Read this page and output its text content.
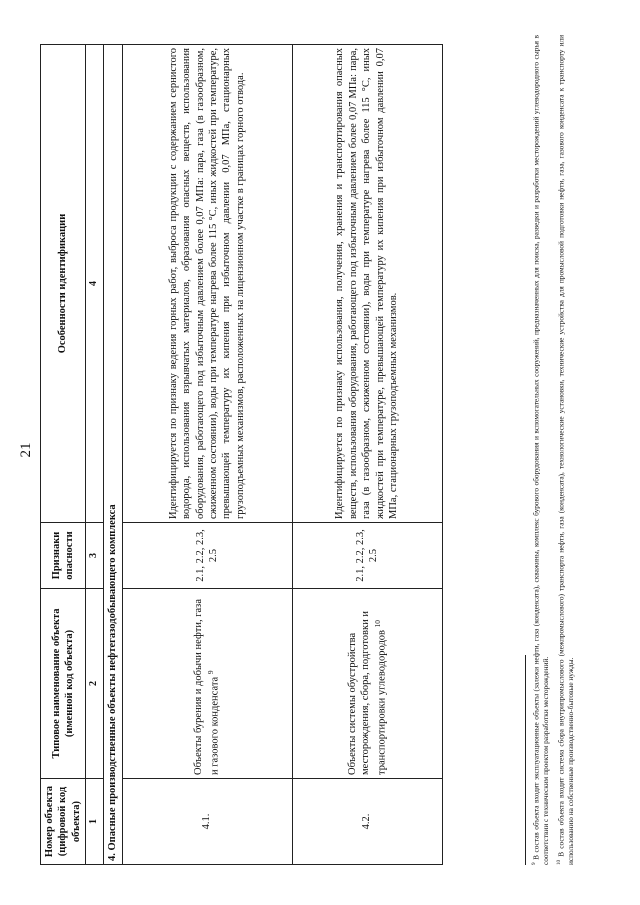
21
Номер объекта (цифровой код объекта)	Типовое наименование объекта (именной код объекта)	Признаки опасности	Особенности идентификации
1	2	3	4
4. Опасные производственные объекты нефтегазодобывающего комплекса			
4.1.	Объекты бурения и добычи нефти, газа и газового конденсата $^9$	2.1, 2.2, 2.3, 2.5	Идентифицируется по признаку ведения горных работ, выброса продукции с содержанием сернистого водорода, использования взрывчатых материалов, образования опасных веществ, использования оборудования, работающего под избыточным давлением более 0,07 МПа: пара, газа (в газообразном, сжиженном состоянии), воды при температуре нагрева более 115 °С, иных жидкостей при температуре, превышающей температуру их кипения при избыточном давлении 0,07 МПа, стационарных грузоподъемных механизмов, расположенных на лицензионном участке в границах горного отвода.
4.2.	Объекты системы обустройства месторождения, сбора, подготовки и транспортировки углеводородов $^{10}$	2.1, 2.2, 2.3, 2.5	Идентифицируется по признаку использования, получения, хранения и транспортирования опасных веществ, использования оборудования, работающего под избыточным давлением более 0,07 МПа: пара, газа (в газообразном, сжиженном состоянии), воды при температуре нагрева более 115 °С, иных жидкостей при температуре, превышающей температуру их кипения при избыточном давлении 0,07 МПа, стационарных грузоподъемных механизмов.
$^9$ В состав объекта входят эксплуатационные объекты (залежи нефти, газа (конденсата), скважины, комплекс бурового оборудования и вспомогательных сооружений, предназначенных для поиска, разведки и разработки месторождений углеводородного сырья в соответствии с техническим проектом разработки месторождений. $^{10}$ В состав объекта входят система сбора внутрипромыслового (межпромыслового) транспорта нефти, газа (конденсата), технологические установки, технические устройства для промысловой подготовки нефти, газа, газового конденсата к транспорту или использованию на собственные производственно-бытовые нужды.
